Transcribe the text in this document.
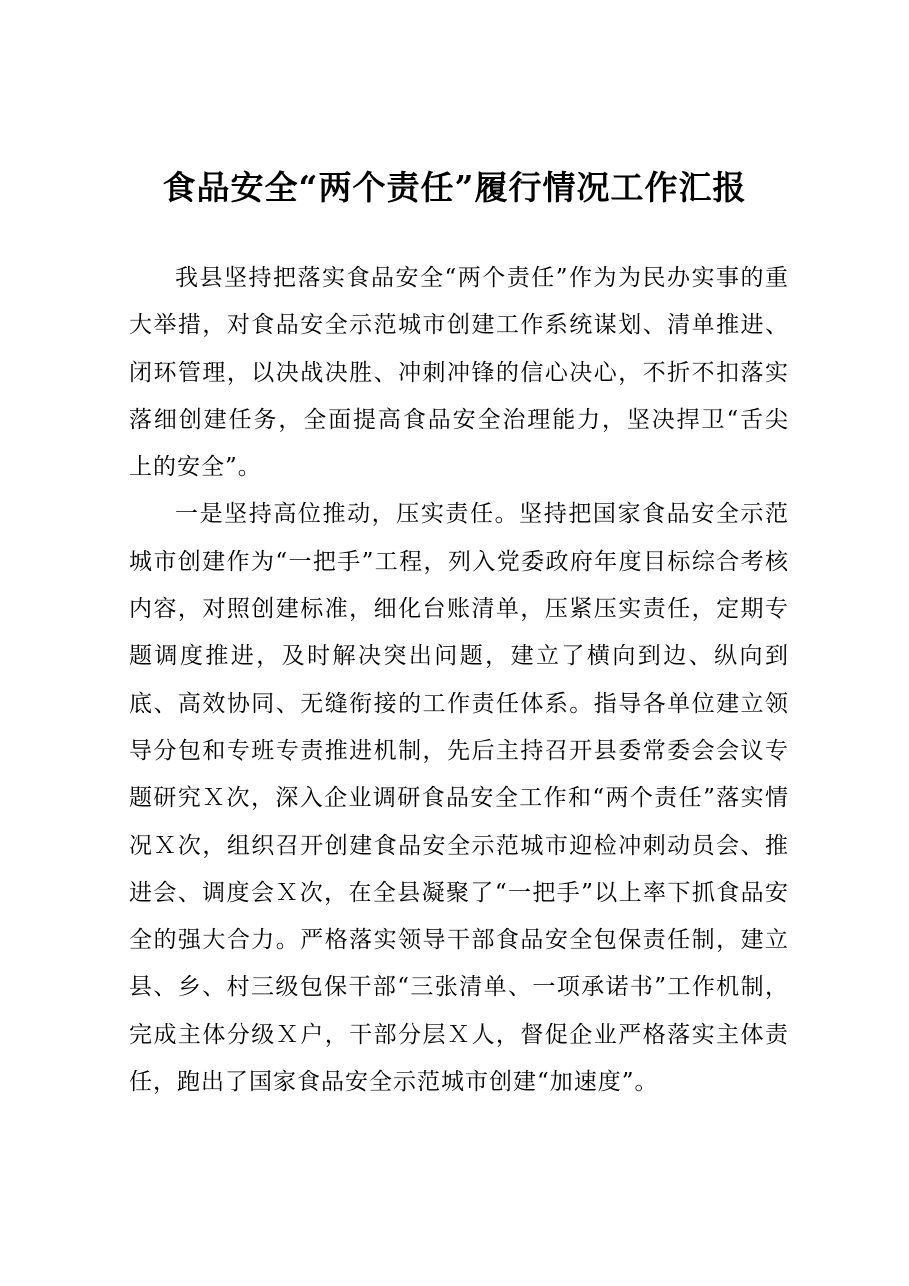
食品安全“两个责任”履行情况工作汇报

我县坚持把落实食品安全“两个责任”作为为民办实事的重大举措，对食品安全示范城市创建工作系统谋划、清单推进、闭环管理，以决战决胜、冲刺冲锋的信心决心，不折不扣落实落细创建任务，全面提高食品安全治理能力，坚决捍卫“舌尖上的安全”。

一是坚持高位推动，压实责任。坚持把国家食品安全示范城市创建作为“一把手”工程，列入党委政府年度目标综合考核内容，对照创建标准，细化台账清单，压紧压实责任，定期专题调度推进，及时解决突出问题，建立了横向到边、纵向到底、高效协同、无缝衔接的工作责任体系。指导各单位建立领导分包和专班专责推进机制，先后主持召开县委常委会会议专题研究Ｘ次，深入企业调研食品安全工作和“两个责任”落实情况Ｘ次，组织召开创建食品安全示范城市迎检冲刺动员会、推进会、调度会Ｘ次，在全县凝聚了“一把手”以上率下抓食品安全的强大合力。严格落实领导干部食品安全包保责任制，建立县、乡、村三级包保干部“三张清单、一项承诺书”工作机制，完成主体分级Ｘ户，干部分层Ｘ人，督促企业严格落实主体责任，跑出了国家食品安全示范城市创建“加速度”。
